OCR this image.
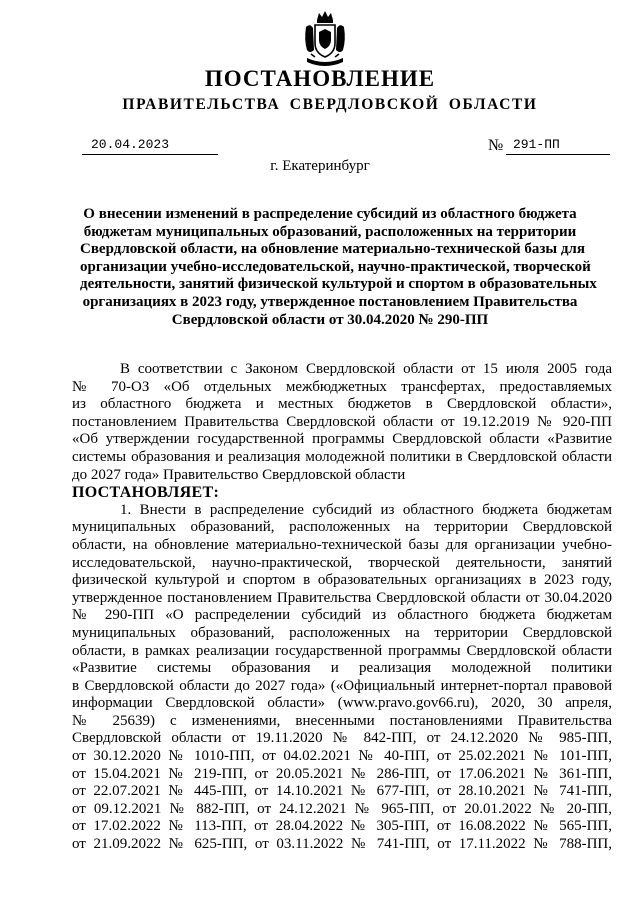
ПОСТАНОВЛЕНИЕ
ПРАВИТЕЛЬСТВА СВЕРДЛОВСКОЙ ОБЛАСТИ
20.04.2023	№ 291-ПП
г. Екатеринбург
О внесении изменений в распределение субсидий из областного бюджета
бюджетам муниципальных образований, расположенных на территории
Свердловской области, на обновление материально-технической базы для
организации учебно-исследовательской, научно-практической, творческой
деятельности, занятий физической культурой и спортом в образовательных
организациях в 2023 году, утвержденное постановлением Правительства
Свердловской области от 30.04.2020 № 290-ПП
В соответствии с Законом Свердловской области от 15 июля 2005 года
№ 70-ОЗ «Об отдельных межбюджетных трансфертах, предоставляемых
из областного бюджета и местных бюджетов в Свердловской области»,
постановлением Правительства Свердловской области от 19.12.2019 № 920-ПП
«Об утверждении государственной программы Свердловской области «Развитие
системы образования и реализация молодежной политики в Свердловской области
до 2027 года» Правительство Свердловской области
ПОСТАНОВЛЯЕТ:
1. Внести в распределение субсидий из областного бюджета бюджетам
муниципальных образований, расположенных на территории Свердловской
области, на обновление материально-технической базы для организации учебно-
исследовательской, научно-практической, творческой деятельности, занятий
физической культурой и спортом в образовательных организациях в 2023 году,
утвержденное постановлением Правительства Свердловской области от 30.04.2020
№ 290-ПП «О распределении субсидий из областного бюджета бюджетам
муниципальных образований, расположенных на территории Свердловской
области, в рамках реализации государственной программы Свердловской области
«Развитие системы образования и реализация молодежной политики
в Свердловской области до 2027 года» («Официальный интернет-портал правовой
информации Свердловской области» (www.pravo.gov66.ru), 2020, 30 апреля,
№ 25639) с изменениями, внесенными постановлениями Правительства
Свердловской области от 19.11.2020 № 842-ПП, от 24.12.2020 № 985-ПП,
от 30.12.2020 № 1010-ПП, от 04.02.2021 № 40-ПП, от 25.02.2021 № 101-ПП,
от 15.04.2021 № 219-ПП, от 20.05.2021 № 286-ПП, от 17.06.2021 № 361-ПП,
от 22.07.2021 № 445-ПП, от 14.10.2021 № 677-ПП, от 28.10.2021 № 741-ПП,
от 09.12.2021 № 882-ПП, от 24.12.2021 № 965-ПП, от 20.01.2022 № 20-ПП,
от 17.02.2022 № 113-ПП, от 28.04.2022 № 305-ПП, от 16.08.2022 № 565-ПП,
от 21.09.2022 № 625-ПП, от 03.11.2022 № 741-ПП, от 17.11.2022 № 788-ПП,
